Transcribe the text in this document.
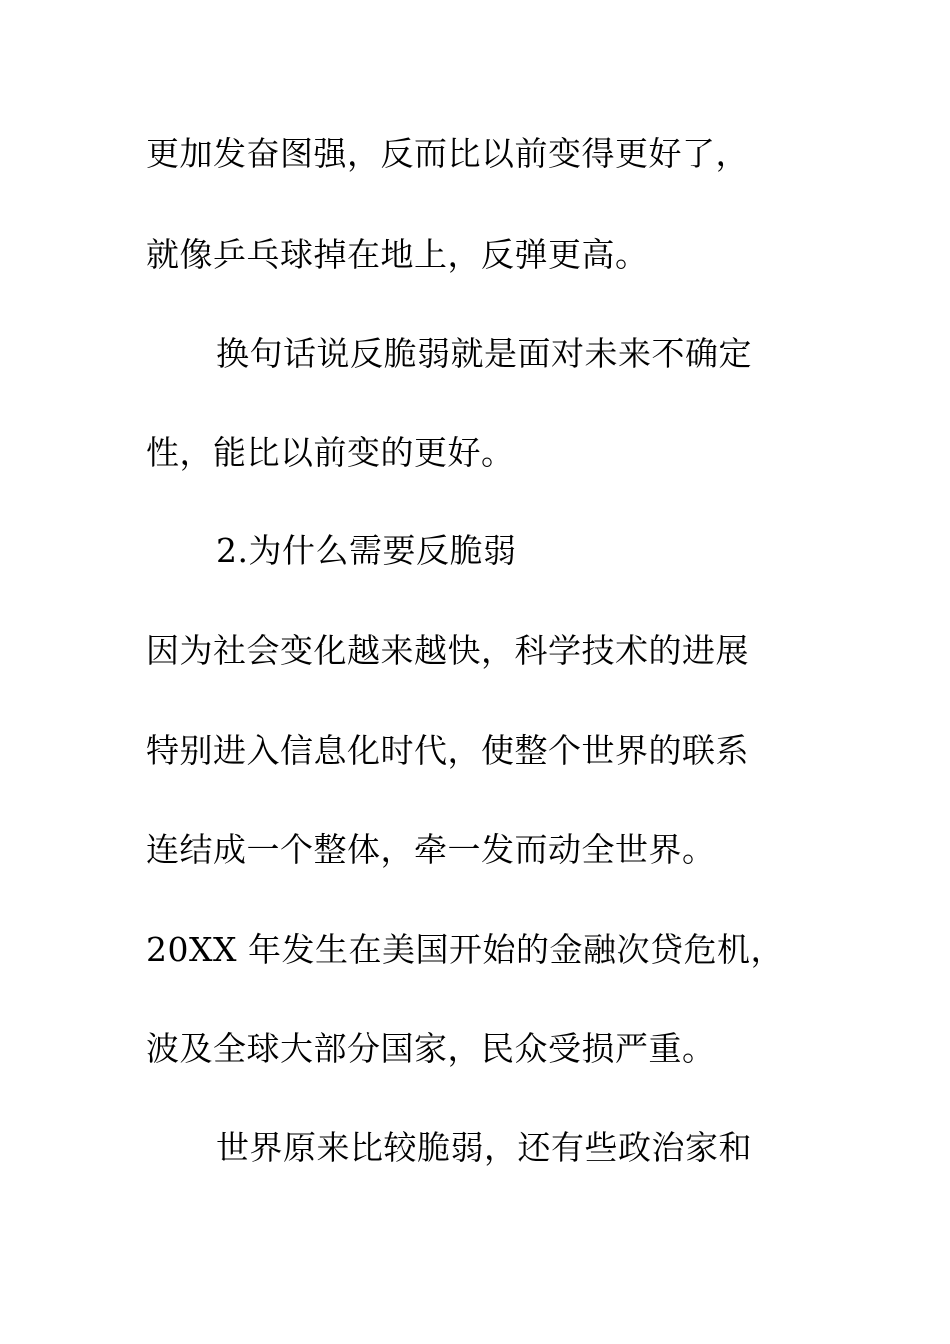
更加发奋图强，反而比以前变得更好了，
就像乒乓球掉在地上，反弹更高。
换句话说反脆弱就是面对未来不确定
性，能比以前变的更好。
2.为什么需要反脆弱
因为社会变化越来越快，科学技术的进展
特别进入信息化时代，使整个世界的联系
连结成一个整体，牵一发而动全世界。
20XX 年发生在美国开始的金融次贷危机，
波及全球大部分国家，民众受损严重。
世界原来比较脆弱，还有些政治家和
